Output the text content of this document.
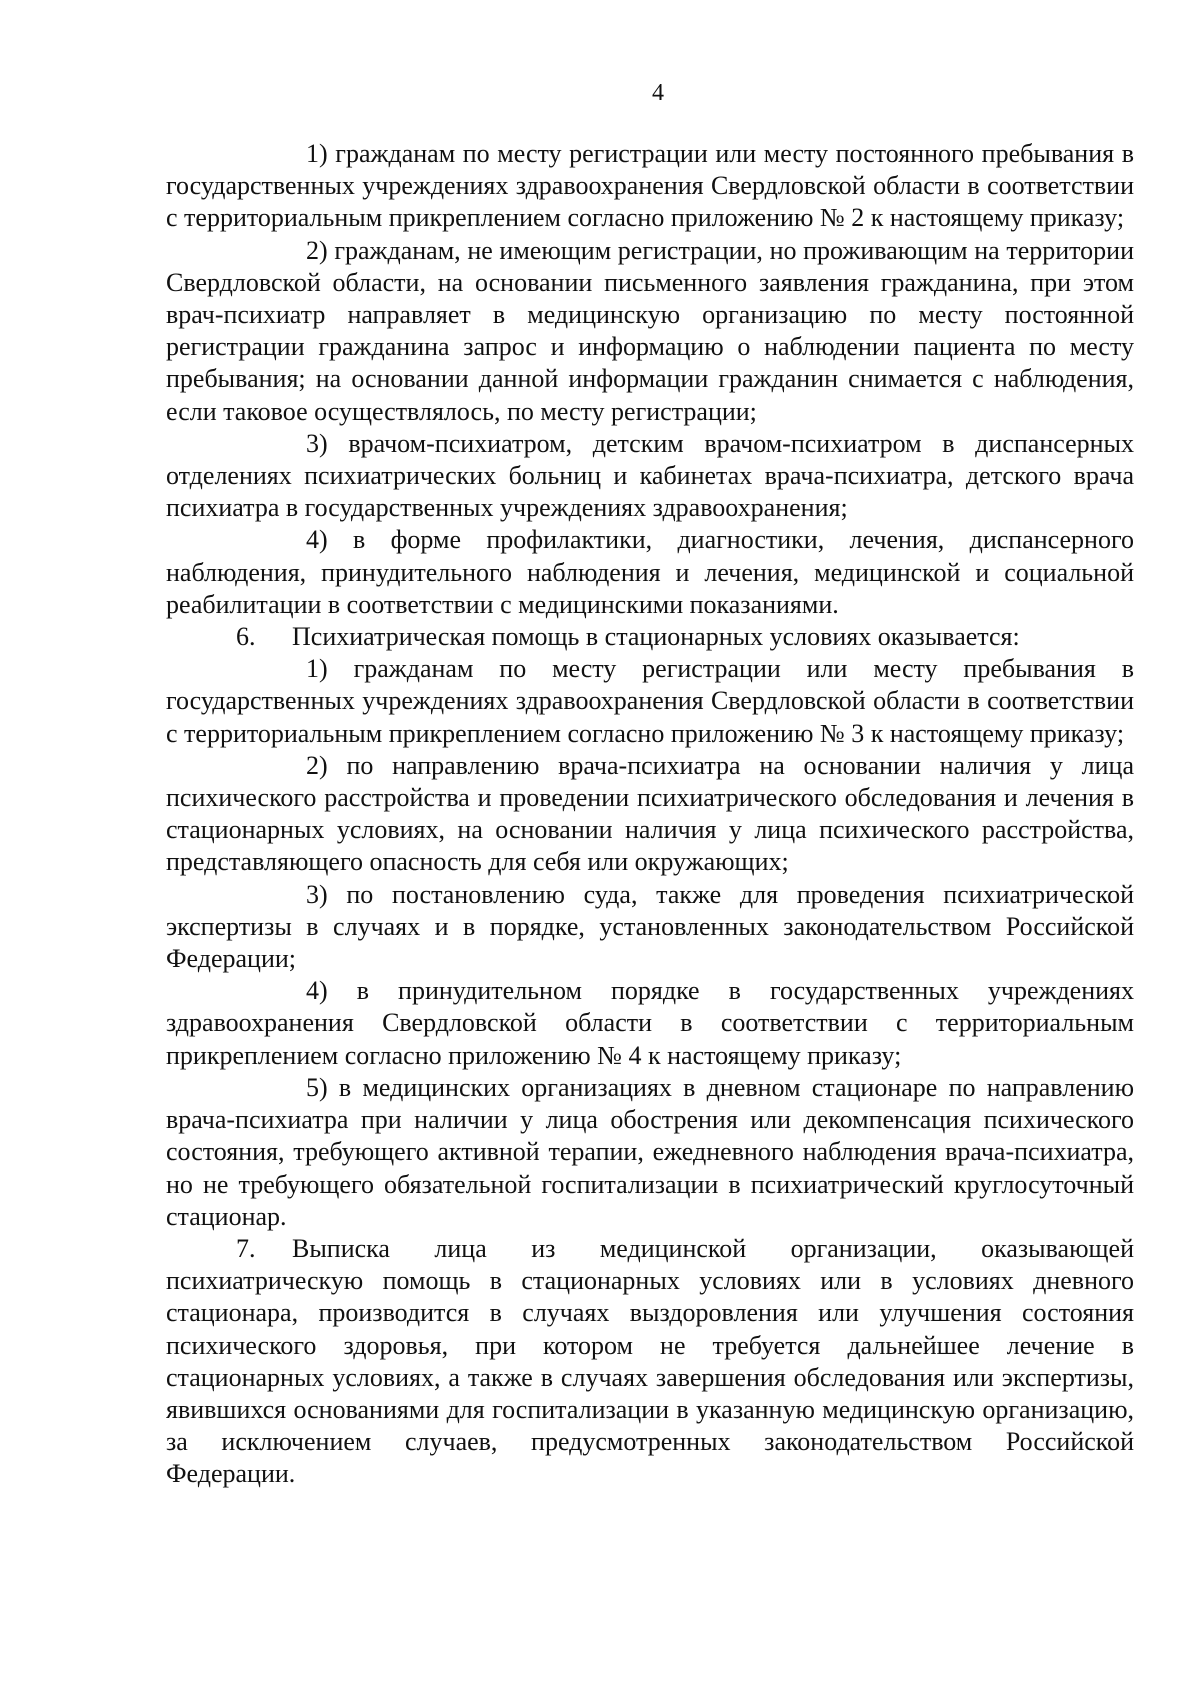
4

1) гражданам по месту регистрации или месту постоянного пребывания в государственных учреждениях здравоохранения Свердловской области в соответствии с территориальным прикреплением согласно приложению № 2 к настоящему приказу;

2) гражданам, не имеющим регистрации, но проживающим на территории Свердловской области, на основании письменного заявления гражданина, при этом врач-психиатр направляет в медицинскую организацию по месту постоянной регистрации гражданина запрос и информацию о наблюдении пациента по месту пребывания; на основании данной информации гражданин снимается с наблюдения, если таковое осуществлялось, по месту регистрации;

3) врачом-психиатром, детским врачом-психиатром в диспансерных отделениях психиатрических больниц и кабинетах врача-психиатра, детского врача психиатра в государственных учреждениях здравоохранения;

4) в форме профилактики, диагностики, лечения, диспансерного наблюдения, принудительного наблюдения и лечения, медицинской и социальной реабилитации в соответствии с медицинскими показаниями.

6. Психиатрическая помощь в стационарных условиях оказывается:

1) гражданам по месту регистрации или месту пребывания в государственных учреждениях здравоохранения Свердловской области в соответствии с территориальным прикреплением согласно приложению № 3 к настоящему приказу;

2) по направлению врача-психиатра на основании наличия у лица психического расстройства и проведении психиатрического обследования и лечения в стационарных условиях, на основании наличия у лица психического расстройства, представляющего опасность для себя или окружающих;

3) по постановлению суда, также для проведения психиатрической экспертизы в случаях и в порядке, установленных законодательством Российской Федерации;

4) в принудительном порядке в государственных учреждениях здравоохранения Свердловской области в соответствии с территориальным прикреплением согласно приложению № 4 к настоящему приказу;

5) в медицинских организациях в дневном стационаре по направлению врача-психиатра при наличии у лица обострения или декомпенсация психического состояния, требующего активной терапии, ежедневного наблюдения врача-психиатра, но не требующего обязательной госпитализации в психиатрический круглосуточный стационар.

7. Выписка лица из медицинской организации, оказывающей психиатрическую помощь в стационарных условиях или в условиях дневного стационара, производится в случаях выздоровления или улучшения состояния психического здоровья, при котором не требуется дальнейшее лечение в стационарных условиях, а также в случаях завершения обследования или экспертизы, явившихся основаниями для госпитализации в указанную медицинскую организацию, за исключением случаев, предусмотренных законодательством Российской Федерации.
